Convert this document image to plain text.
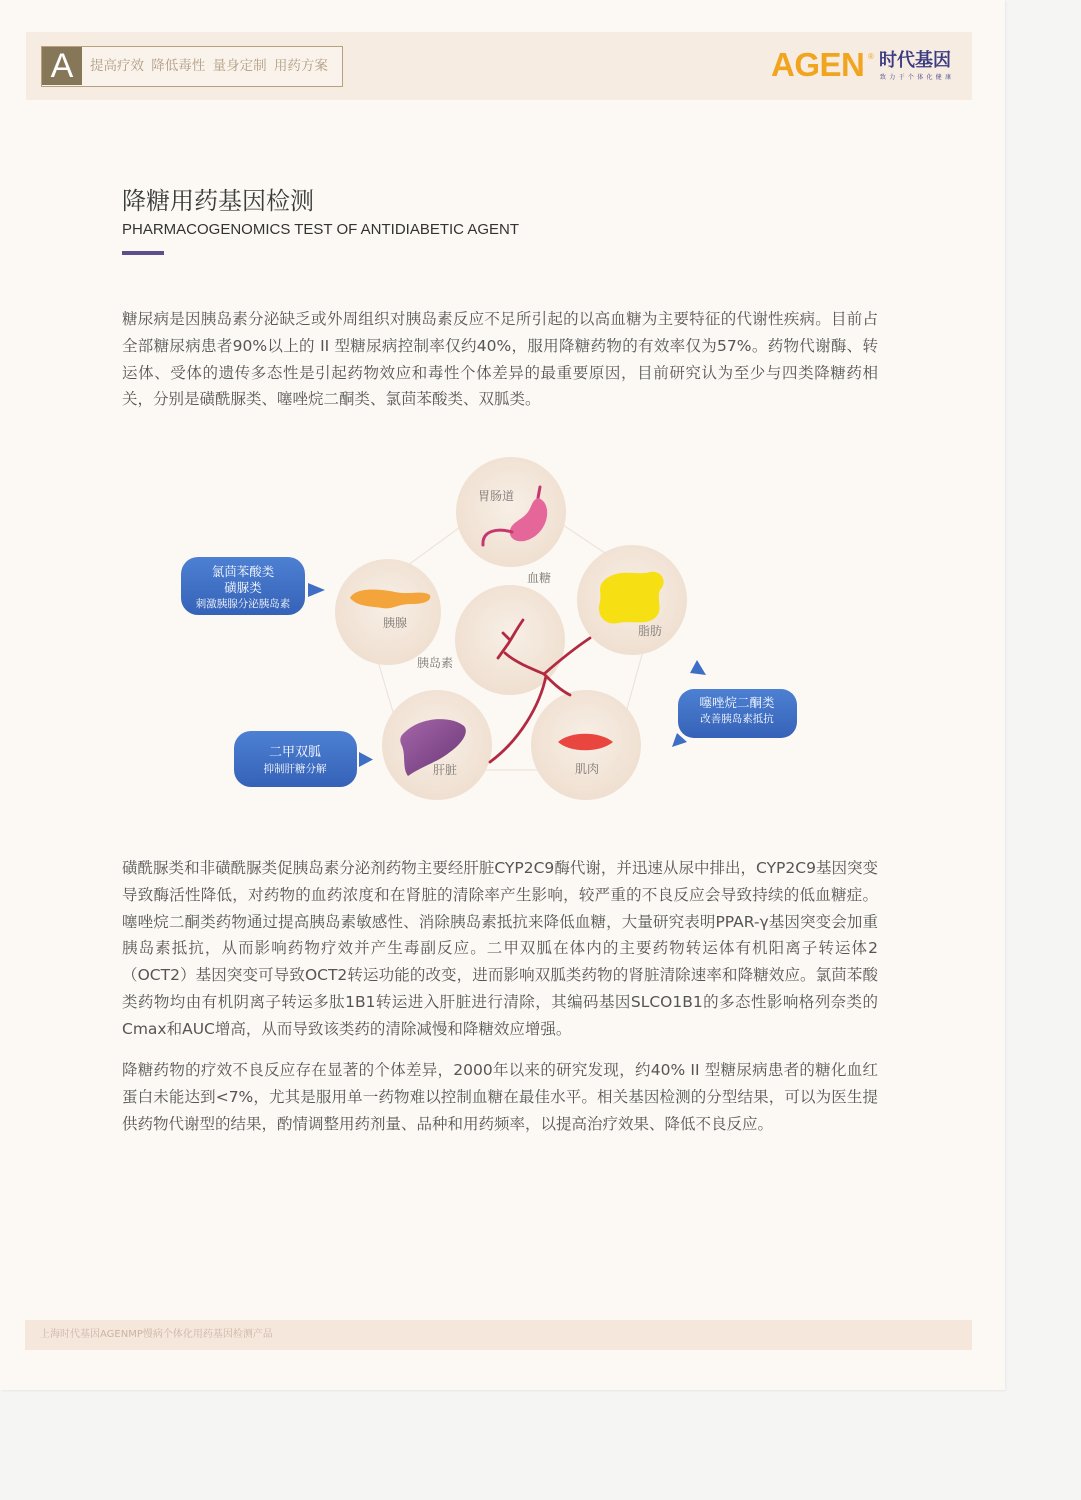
A	提高疗效 降低毒性 量身定制 用药方案	AGEN ® 时代基因
致力于个体化健康
降糖用药基因检测
PHARMACOGENOMICS TEST OF ANTIDIABETIC AGENT

糖尿病是因胰岛素分泌缺乏或外周组织对胰岛素反应不足所引起的以高血糖为主要特征的代谢性疾病。目前占全部糖尿病患者90%以上的 II 型糖尿病控制率仅约40%，服用降糖药物的有效率仅为57%。药物代谢酶、转运体、受体的遗传多态性是引起药物效应和毒性个体差异的最重要原因，目前研究认为至少与四类降糖药相关，分别是磺酰脲类、噻唑烷二酮类、氯茴苯酸类、双胍类。

胃肠道
血糖
胰腺
脂肪
胰岛素
肝脏	肌肉
氯茴苯酸类
磺脲类
刺激胰腺分泌胰岛素
二甲双胍
抑制肝糖分解
噻唑烷二酮类
改善胰岛素抵抗

磺酰脲类和非磺酰脲类促胰岛素分泌剂药物主要经肝脏CYP2C9酶代谢，并迅速从尿中排出，CYP2C9基因突变导致酶活性降低，对药物的血药浓度和在肾脏的清除率产生影响，较严重的不良反应会导致持续的低血糖症。噻唑烷二酮类药物通过提高胰岛素敏感性、消除胰岛素抵抗来降低血糖，大量研究表明PPAR-γ基因突变会加重胰岛素抵抗，从而影响药物疗效并产生毒副反应。二甲双胍在体内的主要药物转运体有机阳离子转运体2（OCT2）基因突变可导致OCT2转运功能的改变，进而影响双胍类药物的肾脏清除速率和降糖效应。氯茴苯酸类药物均由有机阴离子转运多肽1B1转运进入肝脏进行清除，其编码基因SLCO1B1的多态性影响格列奈类的Cmax和AUC增高，从而导致该类药的清除减慢和降糖效应增强。

降糖药物的疗效不良反应存在显著的个体差异，2000年以来的研究发现，约40% II 型糖尿病患者的糖化血红蛋白未能达到<7%，尤其是服用单一药物难以控制血糖在最佳水平。相关基因检测的分型结果，可以为医生提供药物代谢型的结果，酌情调整用药剂量、品种和用药频率，以提高治疗效果、降低不良反应。

上海时代基因AGENMP慢病个体化用药基因检测产品
